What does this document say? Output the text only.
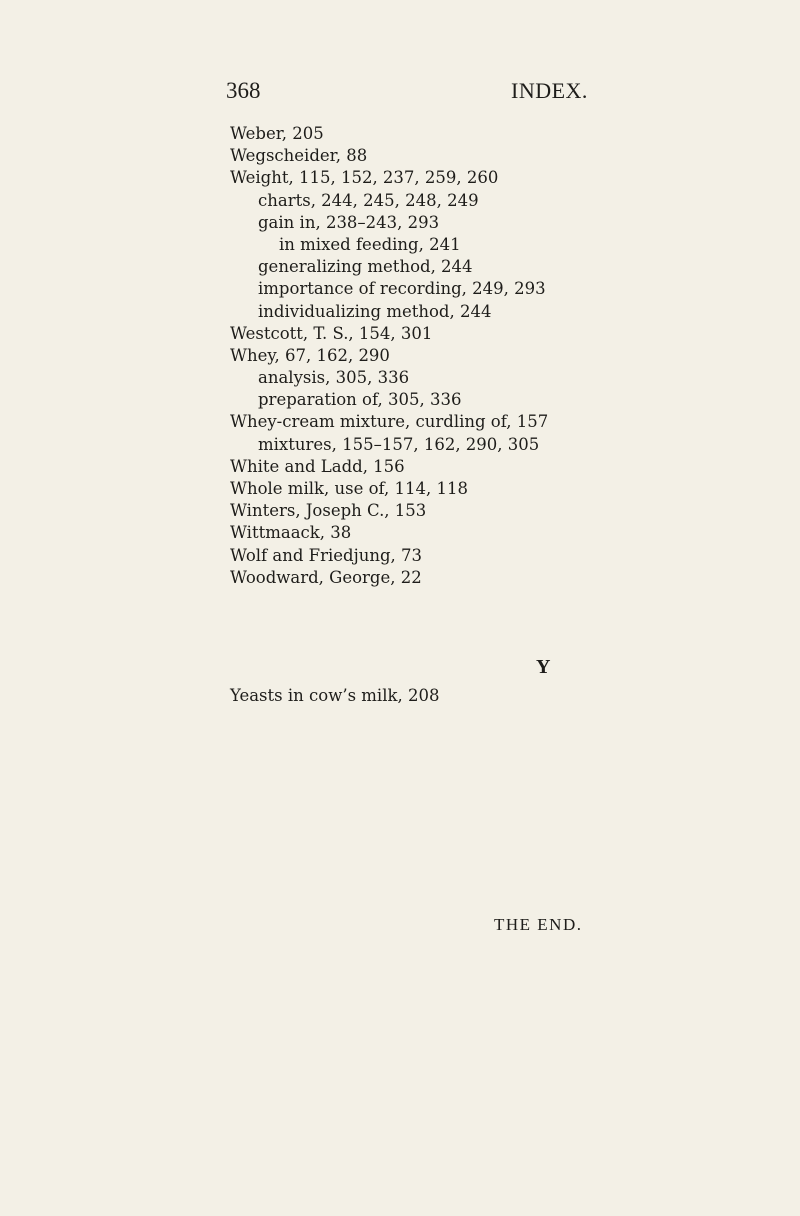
368	INDEX.
Weber, 205
Wegscheider, 88
Weight, 115, 152, 237, 259, 260
charts, 244, 245, 248, 249
gain in, 238–243, 293
in mixed feeding, 241
generalizing method, 244
importance of recording, 249, 293
individualizing method, 244
Westcott, T. S., 154, 301
Whey, 67, 162, 290
analysis, 305, 336
preparation of, 305, 336
Whey-cream mixture, curdling of, 157
mixtures, 155–157, 162, 290, 305
White and Ladd, 156
Whole milk, use of, 114, 118
Winters, Joseph C., 153
Wittmaack, 38
Wolf and Friedjung, 73
Woodward, George, 22
Y
Yeasts in cow’s milk, 208
THE END.
